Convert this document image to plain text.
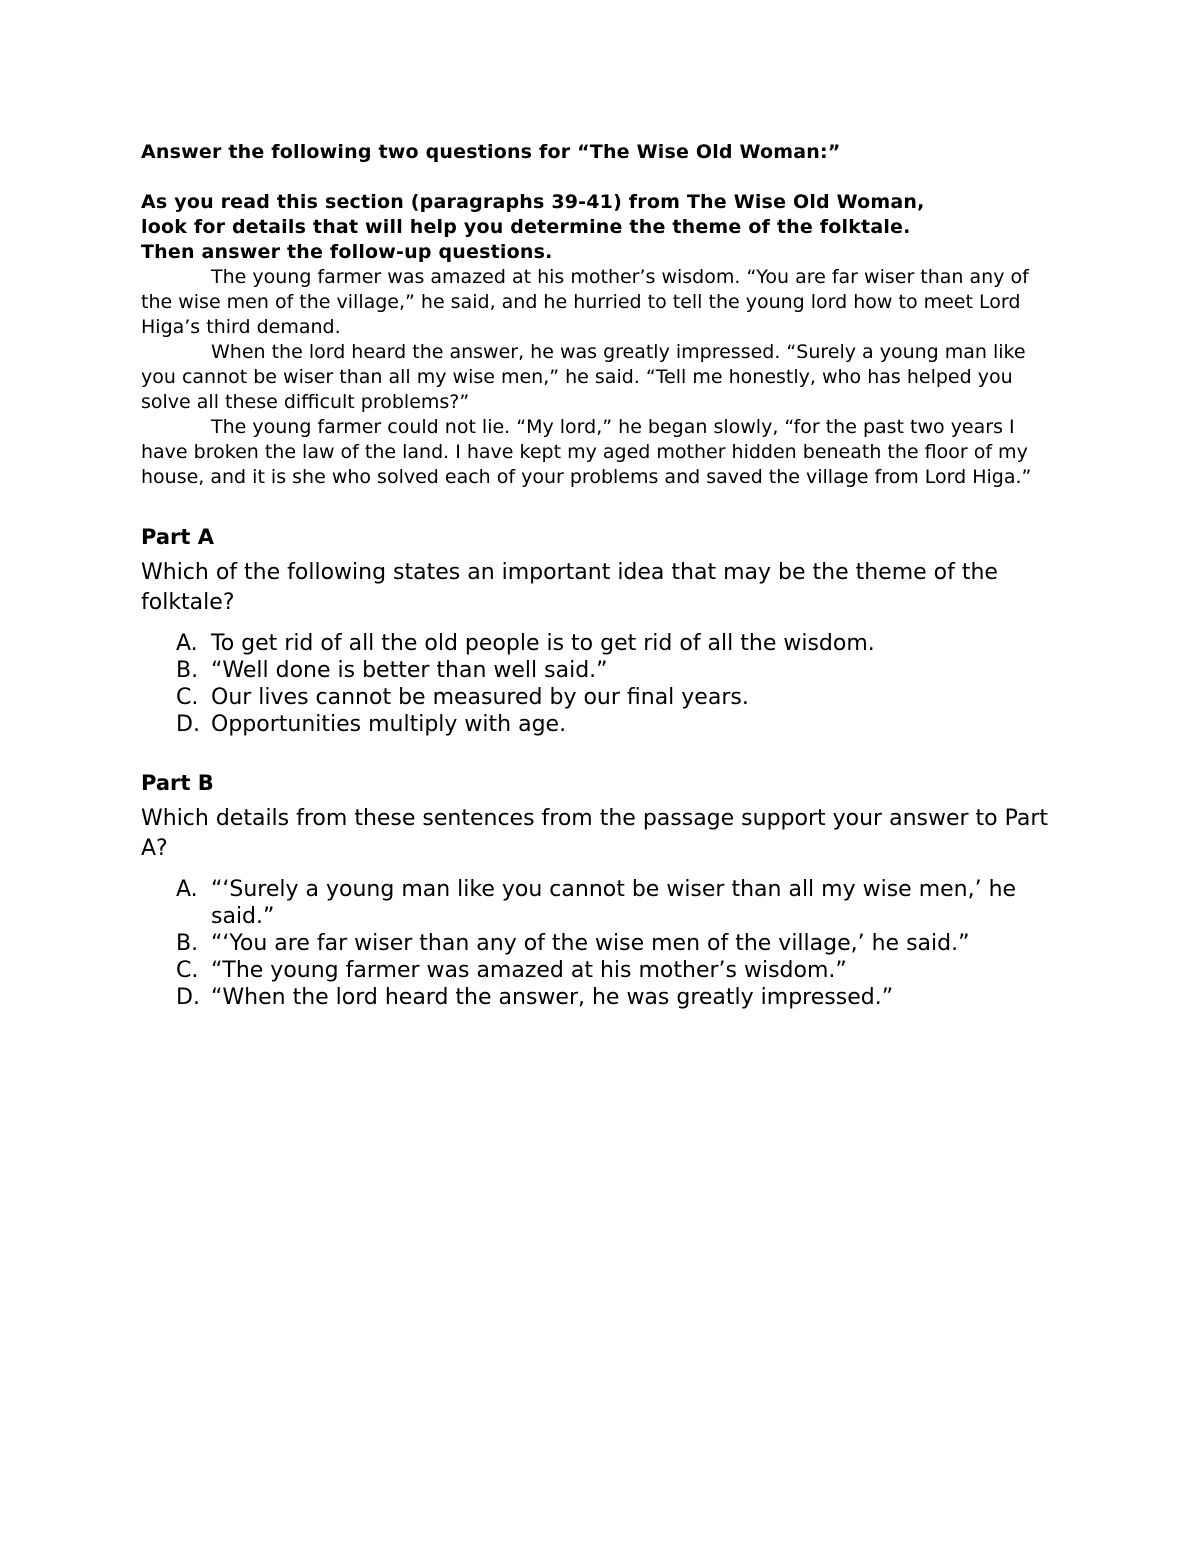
Answer the following two questions for “The Wise Old Woman:”

As you read this section (paragraphs 39-41) from The Wise Old Woman,

look for details that will help you determine the theme of the folktale.

Then answer the follow-up questions.

The young farmer was amazed at his mother’s wisdom. “You are far wiser than any of the wise men of the village,” he said, and he hurried to tell the young lord how to meet Lord Higa’s third demand.

When the lord heard the answer, he was greatly impressed. “Surely a young man like you cannot be wiser than all my wise men,” he said. “Tell me honestly, who has helped you solve all these difficult problems?”

The young farmer could not lie. “My lord,” he began slowly, “for the past two years I have broken the law of the land. I have kept my aged mother hidden beneath the floor of my house, and it is she who solved each of your problems and saved the village from Lord Higa.”

Part A

Which of the following states an important idea that may be the theme of the folktale?

A. To get rid of all the old people is to get rid of all the wisdom.
B. “Well done is better than well said.”
C. Our lives cannot be measured by our final years.
D. Opportunities multiply with age.
Part B

Which details from these sentences from the passage support your answer to Part A?

A. “‘Surely a young man like you cannot be wiser than all my wise men,’ he said.”
B. “‘You are far wiser than any of the wise men of the village,’ he said.”
C. “The young farmer was amazed at his mother’s wisdom.”
D. “When the lord heard the answer, he was greatly impressed.”
